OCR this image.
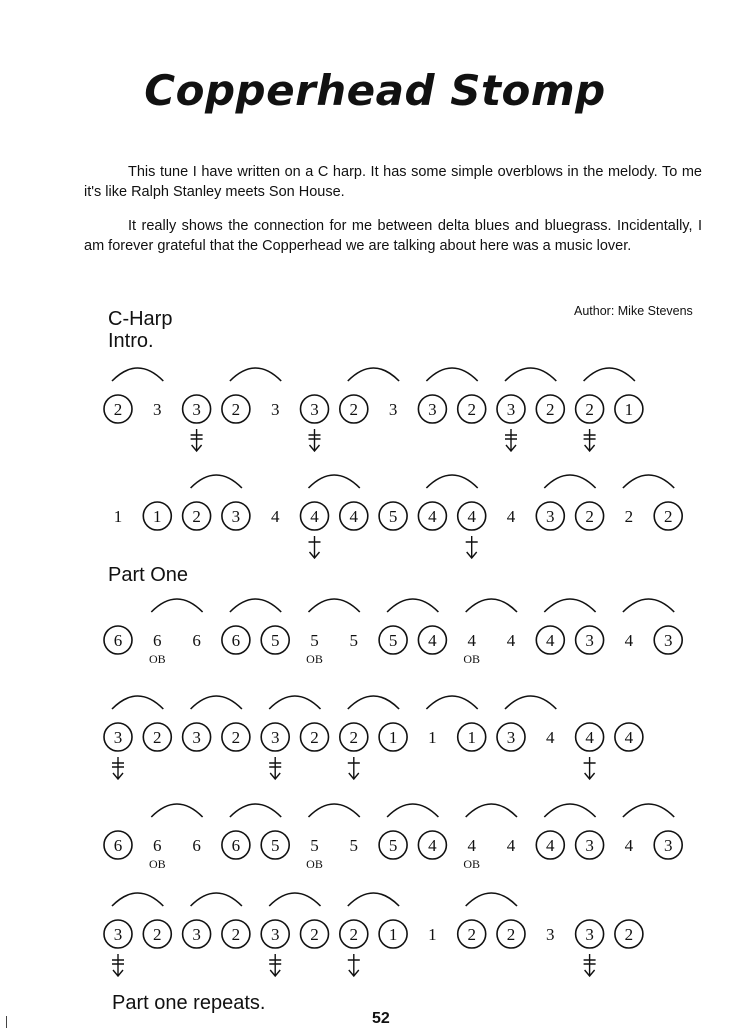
Copperhead Stomp

This tune I have written on a C harp. It has some simple overblows in the melody. To me it's like Ralph Stanley meets Son House.

It really shows the connection for me between delta blues and bluegrass. Incidentally, I am forever grateful that the Copperhead we are talking about here was a music lover.

Author: Mike Stevens
C-Harp
Intro.
Part One
Part one repeats.
2 3 3 2 3 3 2 3 3 2 3 2 2 1
1 1 2 3 4 4 4 5 4 4 4 3 2 2 2
6 6
OB
6 6 5 5
OB
5 5 4 4
OB
4 4 3 4 3
3 2 3 2 3 2 2 1 1 1 3 4 4 4
6 6
OB
6 6 5 5
OB
5 5 4 4
OB
4 4 3 4 3
3 2 3 2 3 2 2 1 1 2 2 3 3 2
52
